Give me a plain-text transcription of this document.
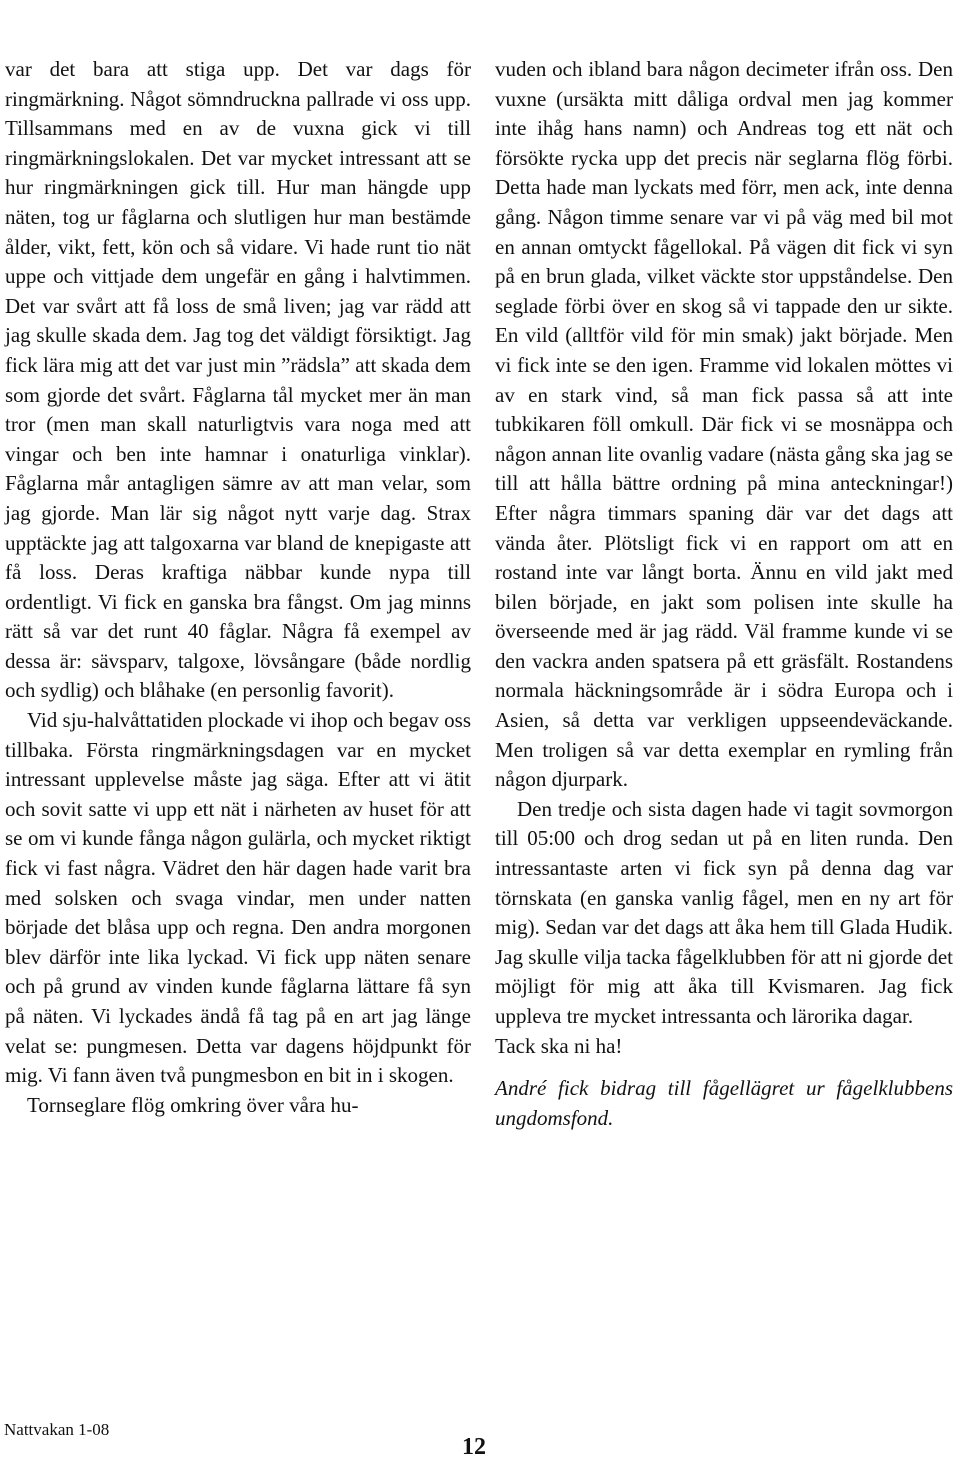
var det bara att stiga upp. Det var dags för ringmärkning. Något sömndruckna pallrade vi oss upp. Tillsammans med en av de vuxna gick vi till ringmärkningslokalen. Det var mycket intressant att se hur ringmärkningen gick till. Hur man hängde upp näten, tog ur fåglarna och slutligen hur man bestämde ålder, vikt, fett, kön och så vidare. Vi hade runt tio nät uppe och vittjade dem ungefär en gång i halvtimmen. Det var svårt att få loss de små liven; jag var rädd att jag skulle skada dem. Jag tog det väldigt försiktigt. Jag fick lära mig att det var just min ”rädsla” att skada dem som gjorde det svårt. Fåglarna tål mycket mer än man tror (men man skall naturligtvis vara noga med att vingar och ben inte hamnar i onaturliga vinklar). Fåglarna mår antagligen sämre av att man velar, som jag gjorde. Man lär sig något nytt varje dag. Strax upptäckte jag att talgoxarna var bland de knepigaste att få loss. Deras kraftiga näbbar kunde nypa till ordentligt. Vi fick en ganska bra fångst. Om jag minns rätt så var det runt 40 fåglar. Några få exempel av dessa är: sävsparv, talgoxe, lövsångare (både nordlig och sydlig) och blåhake (en personlig favorit).

Vid sju-halvåttatiden plockade vi ihop och begav oss tillbaka. Första ringmärkningsdagen var en mycket intressant upplevelse måste jag säga. Efter att vi ätit och sovit satte vi upp ett nät i närheten av huset för att se om vi kunde fånga någon gulärla, och mycket riktigt fick vi fast några. Vädret den här dagen hade varit bra med solsken och svaga vindar, men under natten började det blåsa upp och regna. Den andra morgonen blev därför inte lika lyckad. Vi fick upp näten senare och på grund av vinden kunde fåglarna lättare få syn på näten. Vi lyckades ändå få tag på en art jag länge velat se: pungmesen. Detta var dagens höjdpunkt för mig. Vi fann även två pungmesbon en bit in i skogen.

Tornseglare flög omkring över våra hu-

vuden och ibland bara någon decimeter ifrån oss. Den vuxne (ursäkta mitt dåliga ordval men jag kommer inte ihåg hans namn) och Andreas tog ett nät och försökte rycka upp det precis när seglarna flög förbi. Detta hade man lyckats med förr, men ack, inte denna gång. Någon timme senare var vi på väg med bil mot en annan omtyckt fågellokal. På vägen dit fick vi syn på en brun glada, vilket väckte stor uppståndelse. Den seglade förbi över en skog så vi tappade den ur sikte. En vild (alltför vild för min smak) jakt började. Men vi fick inte se den igen. Framme vid lokalen möttes vi av en stark vind, så man fick passa så att inte tubkikaren föll omkull. Där fick vi se mosnäppa och någon annan lite ovanlig vadare (nästa gång ska jag se till att hålla bättre ordning på mina anteckningar!) Efter några timmars spaning där var det dags att vända åter. Plötsligt fick vi en rapport om att en rostand inte var långt borta. Ännu en vild jakt med bilen började, en jakt som polisen inte skulle ha överseende med är jag rädd. Väl framme kunde vi se den vackra anden spatsera på ett gräsfält. Rostandens normala häckningsområde är i södra Europa och i Asien, så detta var verkligen uppseendeväckande. Men troligen så var detta exemplar en rymling från någon djurpark.

Den tredje och sista dagen hade vi tagit sovmorgon till 05:00 och drog sedan ut på en liten runda. Den intressantaste arten vi fick syn på denna dag var törnskata (en ganska vanlig fågel, men en ny art för mig). Sedan var det dags att åka hem till Glada Hudik. Jag skulle vilja tacka fågelklubben för att ni gjorde det möjligt för mig att åka till Kvismaren. Jag fick uppleva tre mycket intressanta och lärorika dagar.

Tack ska ni ha!

André fick bidrag till fågellägret ur fågelklubbens ungdomsfond.

Nattvakan 1-08
12
